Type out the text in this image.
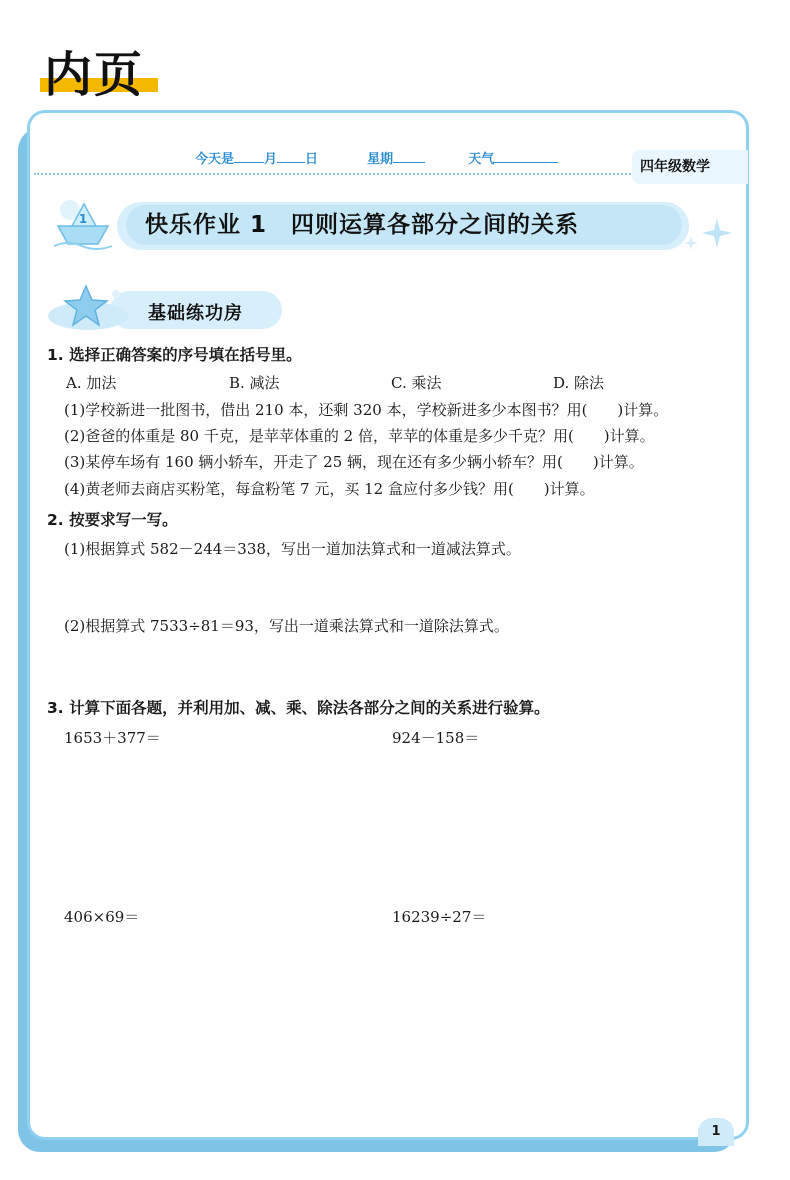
内页
今天是 月 日	星期	天气	四年级数学
1	快乐作业 1　四则运算各部分之间的关系
基础练功房
1. 选择正确答案的序号填在括号里。
A. 加法	B. 减法	C. 乘法	D. 除法
(1)学校新进一批图书，借出 210 本，还剩 320 本，学校新进多少本图书？用(　　)计算。
(2)爸爸的体重是 80 千克，是苹苹体重的 2 倍，苹苹的体重是多少千克？用(　　)计算。
(3)某停车场有 160 辆小轿车，开走了 25 辆，现在还有多少辆小轿车？用(　　)计算。
(4)黄老师去商店买粉笔，每盒粉笔 7 元，买 12 盒应付多少钱？用(　　)计算。
2. 按要求写一写。
(1)根据算式 582－244＝338，写出一道加法算式和一道减法算式。
(2)根据算式 7533÷81＝93，写出一道乘法算式和一道除法算式。
3. 计算下面各题，并利用加、减、乘、除法各部分之间的关系进行验算。
1653＋377＝	924－158＝
406×69＝	16239÷27＝
1
